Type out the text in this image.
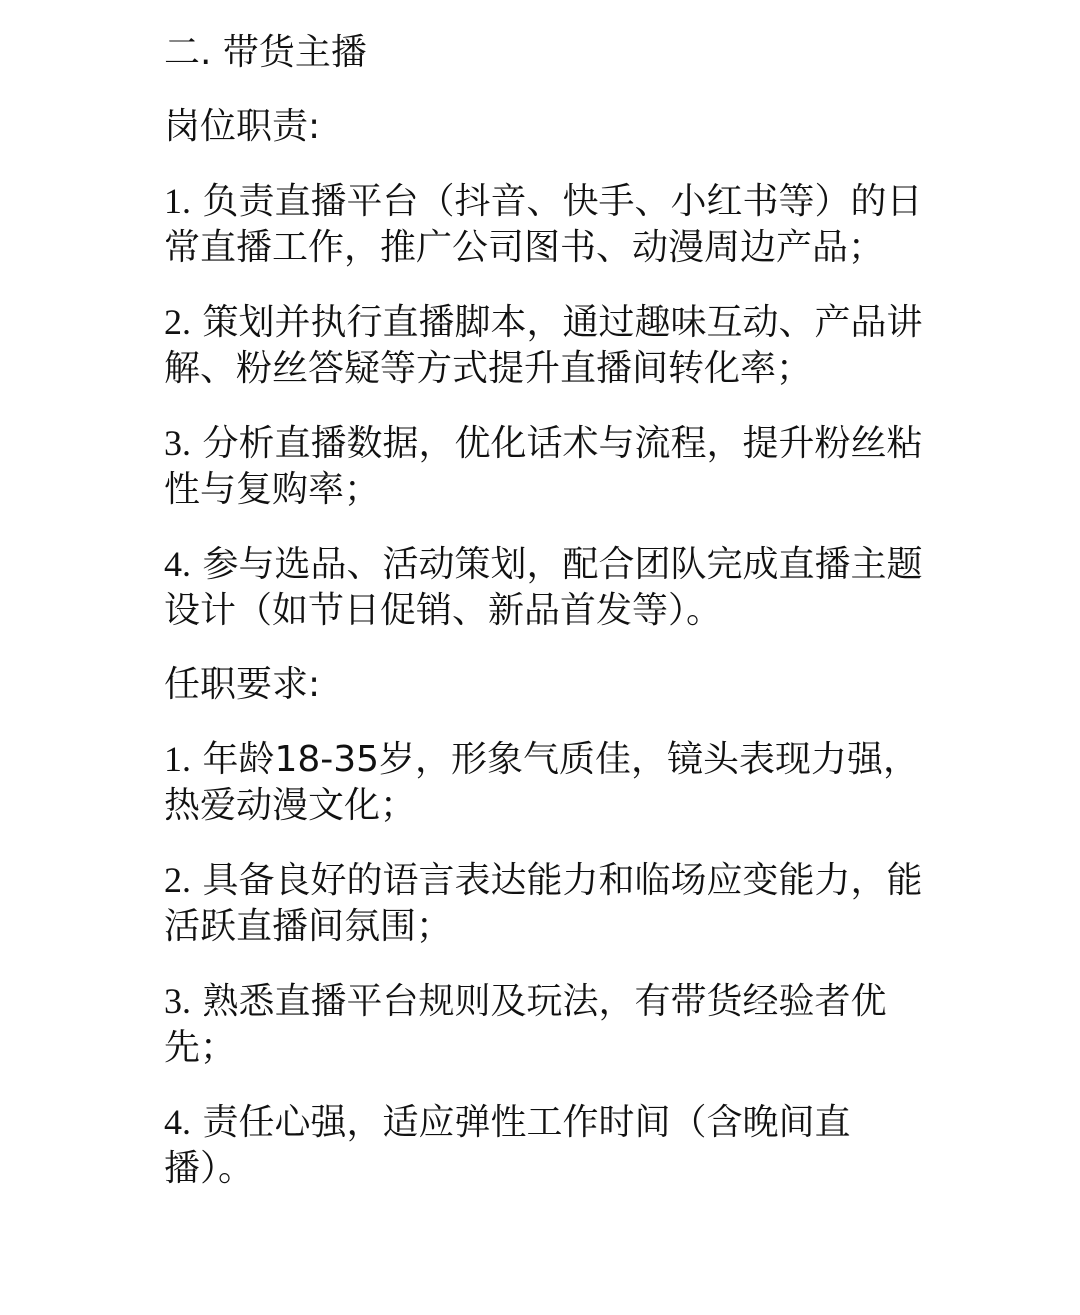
二. 带货主播

岗位职责:

1. 负责直播平台（抖音、快手、小红书等）的日常直播工作，推广公司图书、动漫周边产品；

2. 策划并执行直播脚本，通过趣味互动、产品讲解、粉丝答疑等方式提升直播间转化率；

3. 分析直播数据，优化话术与流程，提升粉丝粘性与复购率；

4. 参与选品、活动策划，配合团队完成直播主题设计（如节日促销、新品首发等）。

任职要求:

1. 年龄18-35岁，形象气质佳，镜头表现力强，热爱动漫文化；

2. 具备良好的语言表达能力和临场应变能力，能活跃直播间氛围；

3. 熟悉直播平台规则及玩法，有带货经验者优先；

4. 责任心强，适应弹性工作时间（含晚间直播）。
